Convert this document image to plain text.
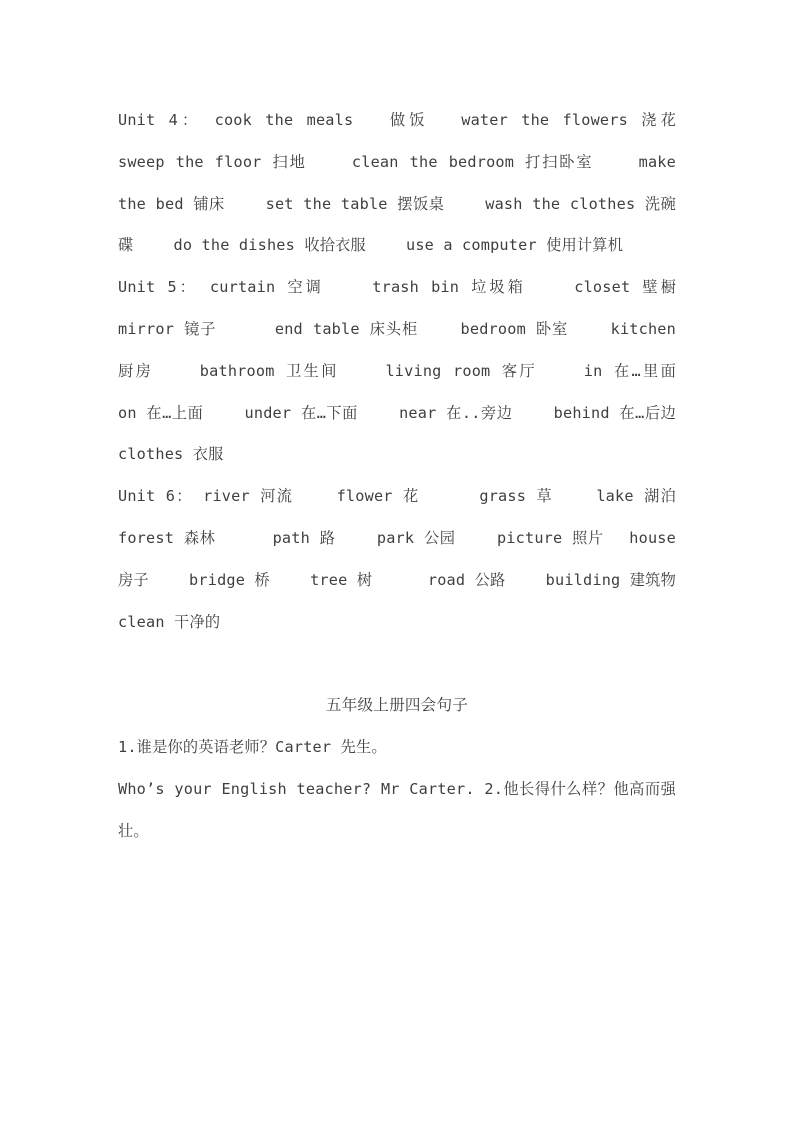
Unit 4： cook the meals　 做饭　 water the flowers 浇花　　 sweep the floor 扫地　　 clean the bedroom 打扫卧室　　 make the bed 铺床　　 set the table 摆饭桌　　 wash the clothes 洗碗碟　　 do the dishes 收拾衣服　　 use a computer 使用计算机

Unit 5： curtain 空调　　 trash bin 垃圾箱　　 closet 壁橱　　 mirror 镜子　　　 end table 床头柜　　 bedroom 卧室　　 kitchen 厨房　　 bathroom 卫生间　　 living room 客厅　　 in 在…里面　　 on 在…上面　　 under 在…下面　　 near 在..旁边　　 behind 在…后边　　 clothes 衣服

Unit 6： river 河流　　 flower 花　　　 grass 草　　 lake 湖泊　　 forest 森林　　　 path 路　　 park 公园　　 picture 照片　 house 房子　　 bridge 桥　　 tree 树　　　 road 公路　　 building 建筑物　　 clean 干净的

五年级上册四会句子

1.谁是你的英语老师？Carter 先生。

Who’s your English teacher? Mr Carter. 2.他长得什么样？他高而强壮。
